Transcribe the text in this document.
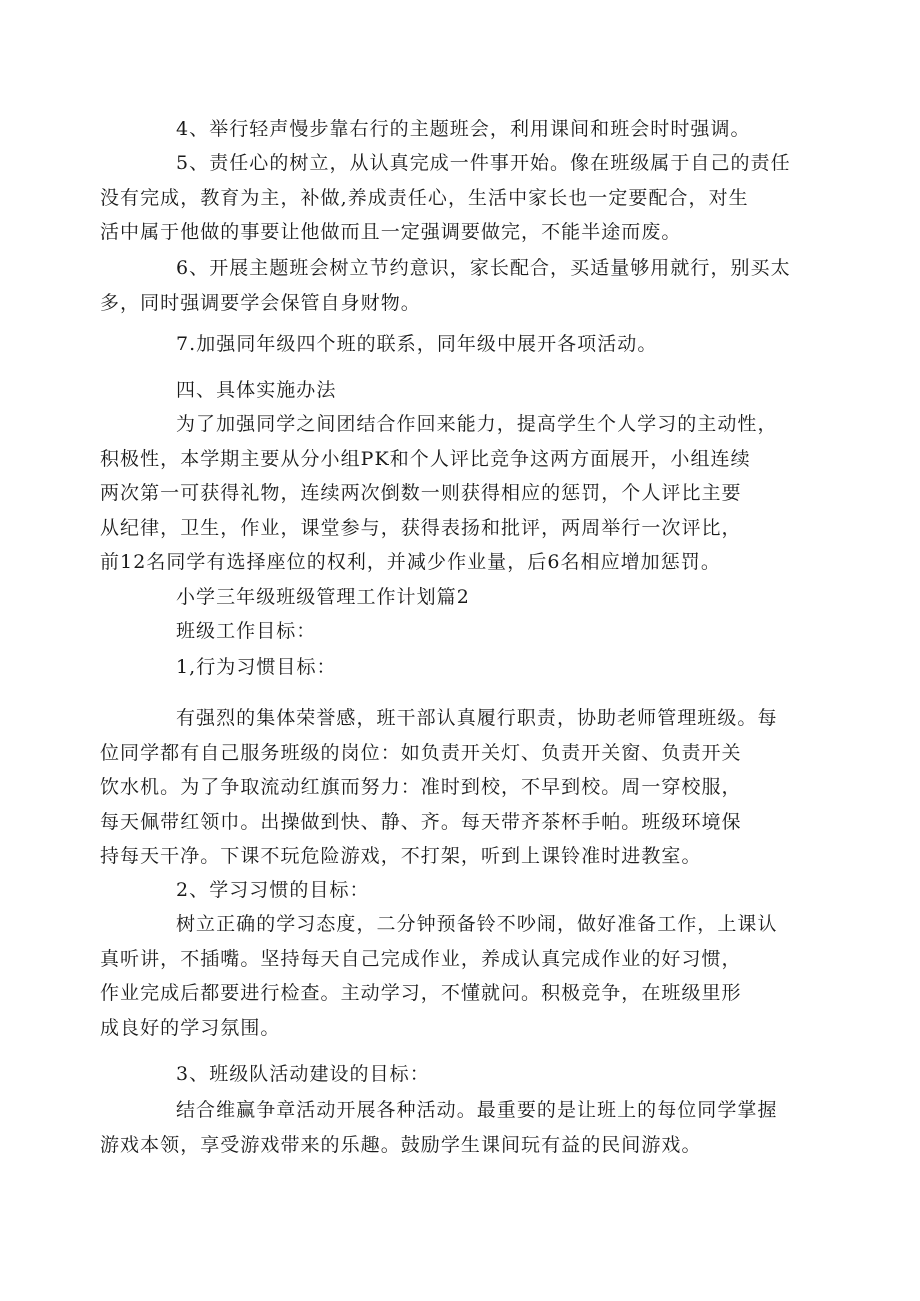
4、举行轻声慢步靠右行的主题班会，利用课间和班会时时强调。

5、责任心的树立，从认真完成一件事开始。像在班级属于自己的责任
没有完成，教育为主，补做,养成责任心，生活中家长也一定要配合，对生
活中属于他做的事要让他做而且一定强调要做完，不能半途而废。

6、开展主题班会树立节约意识，家长配合，买适量够用就行，别买太
多，同时强调要学会保管自身财物。

7.加强同年级四个班的联系，同年级中展开各项活动。

四、具体实施办法

为了加强同学之间团结合作回来能力，提高学生个人学习的主动性，
积极性，本学期主要从分小组PK和个人评比竞争这两方面展开，小组连续
两次第一可获得礼物，连续两次倒数一则获得相应的惩罚，个人评比主要
从纪律，卫生，作业，课堂参与，获得表扬和批评，两周举行一次评比，
前12名同学有选择座位的权利，并减少作业量，后6名相应增加惩罚。

小学三年级班级管理工作计划篇2

班级工作目标：

1,行为习惯目标：

有强烈的集体荣誉感，班干部认真履行职责，协助老师管理班级。每
位同学都有自己服务班级的岗位：如负责开关灯、负责开关窗、负责开关
饮水机。为了争取流动红旗而努力：准时到校，不早到校。周一穿校服，
每天佩带红领巾。出操做到快、静、齐。每天带齐茶杯手帕。班级环境保
持每天干净。下课不玩危险游戏，不打架，听到上课铃准时进教室。

2、学习习惯的目标：

树立正确的学习态度，二分钟预备铃不吵闹，做好准备工作，上课认
真听讲，不插嘴。坚持每天自己完成作业，养成认真完成作业的好习惯，
作业完成后都要进行检查。主动学习，不懂就问。积极竞争，在班级里形
成良好的学习氛围。

3、班级队活动建设的目标：

结合维赢争章活动开展各种活动。最重要的是让班上的每位同学掌握
游戏本领，享受游戏带来的乐趣。鼓励学生课间玩有益的民间游戏。
